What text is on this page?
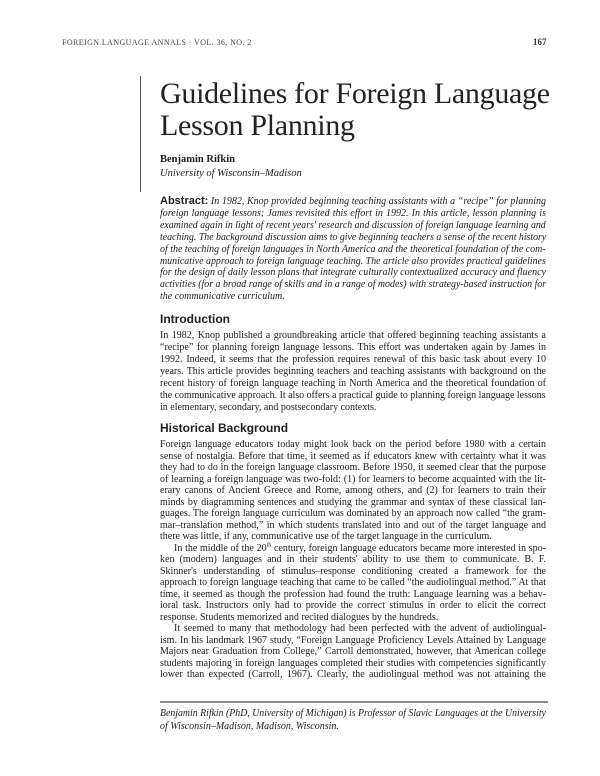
FOREIGN LANGUAGE ANNALS · VOL. 36, NO. 2	167
Guidelines for Foreign Language
Lesson Planning
Benjamin Rifkin
University of Wisconsin–Madison
Abstract: In 1982, Knop provided beginning teaching assistants with a “recipe” for planning
foreign language lessons; James revisited this effort in 1992. In this article, lesson planning is
examined again in light of recent years' research and discussion of foreign language learning and
teaching. The background discussion aims to give beginning teachers a sense of the recent history
of the teaching of foreign languages in North America and the theoretical foundation of the com-
municative approach to foreign language teaching. The article also provides practical guidelines
for the design of daily lesson plans that integrate culturally contextualized accuracy and fluency
activities (for a broad range of skills and in a range of modes) with strategy-based instruction for
the communicative curriculum.
Introduction
In 1982, Knop published a groundbreaking article that offered beginning teaching assistants a
“recipe” for planning foreign language lessons. This effort was undertaken again by James in
1992. Indeed, it seems that the profession requires renewal of this basic task about every 10
years. This article provides beginning teachers and teaching assistants with background on the
recent history of foreign language teaching in North America and the theoretical foundation of
the communicative approach. It also offers a practical guide to planning foreign language lessons
in elementary, secondary, and postsecondary contexts.
Historical Background
Foreign language educators today might look back on the period before 1980 with a certain
sense of nostalgia. Before that time, it seemed as if educators knew with certainty what it was
they had to do in the foreign language classroom. Before 1950, it seemed clear that the purpose
of learning a foreign language was two-fold: (1) for learners to become acquainted with the lit-
erary canons of Ancient Greece and Rome, among others, and (2) for learners to train their
minds by diagramming sentences and studying the grammar and syntax of these classical lan-
guages. The foreign language curriculum was dominated by an approach now called “the gram-
mar–translation method,” in which students translated into and out of the target language and
there was little, if any, communicative use of the target language in the curriculum.
In the middle of the 20th century, foreign language educators became more interested in spo-
ken (modern) languages and in their students' ability to use them to communicate. B. F.
Skinner's understanding of stimulus–response conditioning created a framework for the
approach to foreign language teaching that came to be called “the audiolingual method.” At that
time, it seemed as though the profession had found the truth: Language learning was a behav-
ioral task. Instructors only had to provide the correct stimulus in order to elicit the correct
response. Students memorized and recited dialogues by the hundreds.
It seemed to many that methodology had been perfected with the advent of audiolingual-
ism. In his landmark 1967 study, “Foreign Language Proficiency Levels Attained by Language
Majors near Graduation from College,” Carroll demonstrated, however, that American college
students majoring in foreign languages completed their studies with competencies significantly
lower than expected (Carroll, 1967). Clearly, the audiolingual method was not attaining the
Benjamin Rifkin (PhD, University of Michigan) is Professor of Slavic Languages at the University
of Wisconsin–Madison, Madison, Wisconsin.
